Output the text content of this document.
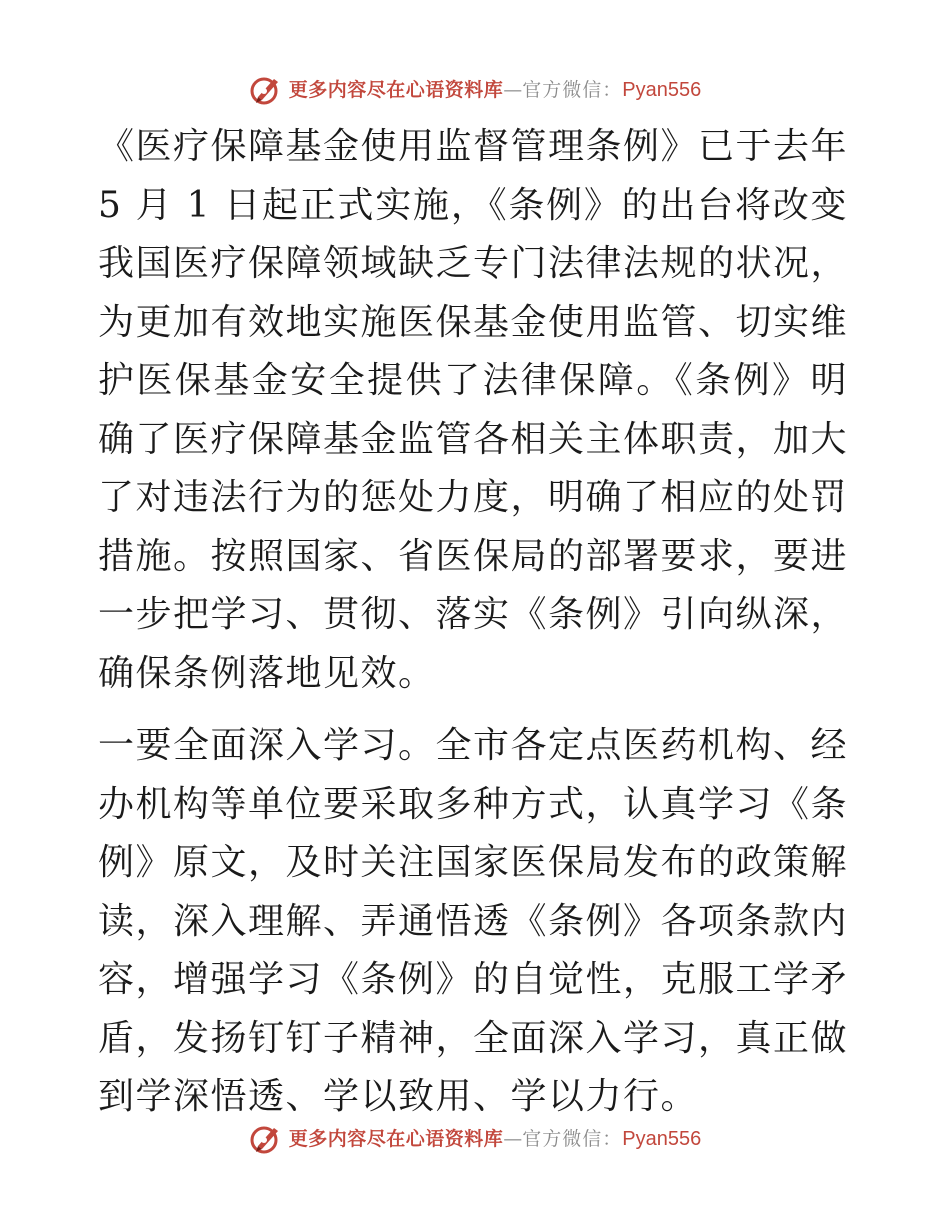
更多内容尽在心语资料库 — 官方微信： Pyan556

《医疗保障基金使用监督管理条例》已于去年 5 月 1 日起正式实施，《条例》的出台将改变我国医疗保障领域缺乏专门法律法规的状况，为更加有效地实施医保基金使用监管、切实维护医保基金安全提供了法律保障。《条例》明确了医疗保障基金监管各相关主体职责，加大了对违法行为的惩处力度，明确了相应的处罚措施。按照国家、省医保局的部署要求，要进一步把学习、贯彻、落实《条例》引向纵深，确保条例落地见效。

一要全面深入学习。全市各定点医药机构、经办机构等单位要采取多种方式，认真学习《条例》原文，及时关注国家医保局发布的政策解读，深入理解、弄通悟透《条例》各项条款内容，增强学习《条例》的自觉性，克服工学矛盾，发扬钉钉子精神，全面深入学习，真正做到学深悟透、学以致用、学以力行。

更多内容尽在心语资料库 — 官方微信： Pyan556
